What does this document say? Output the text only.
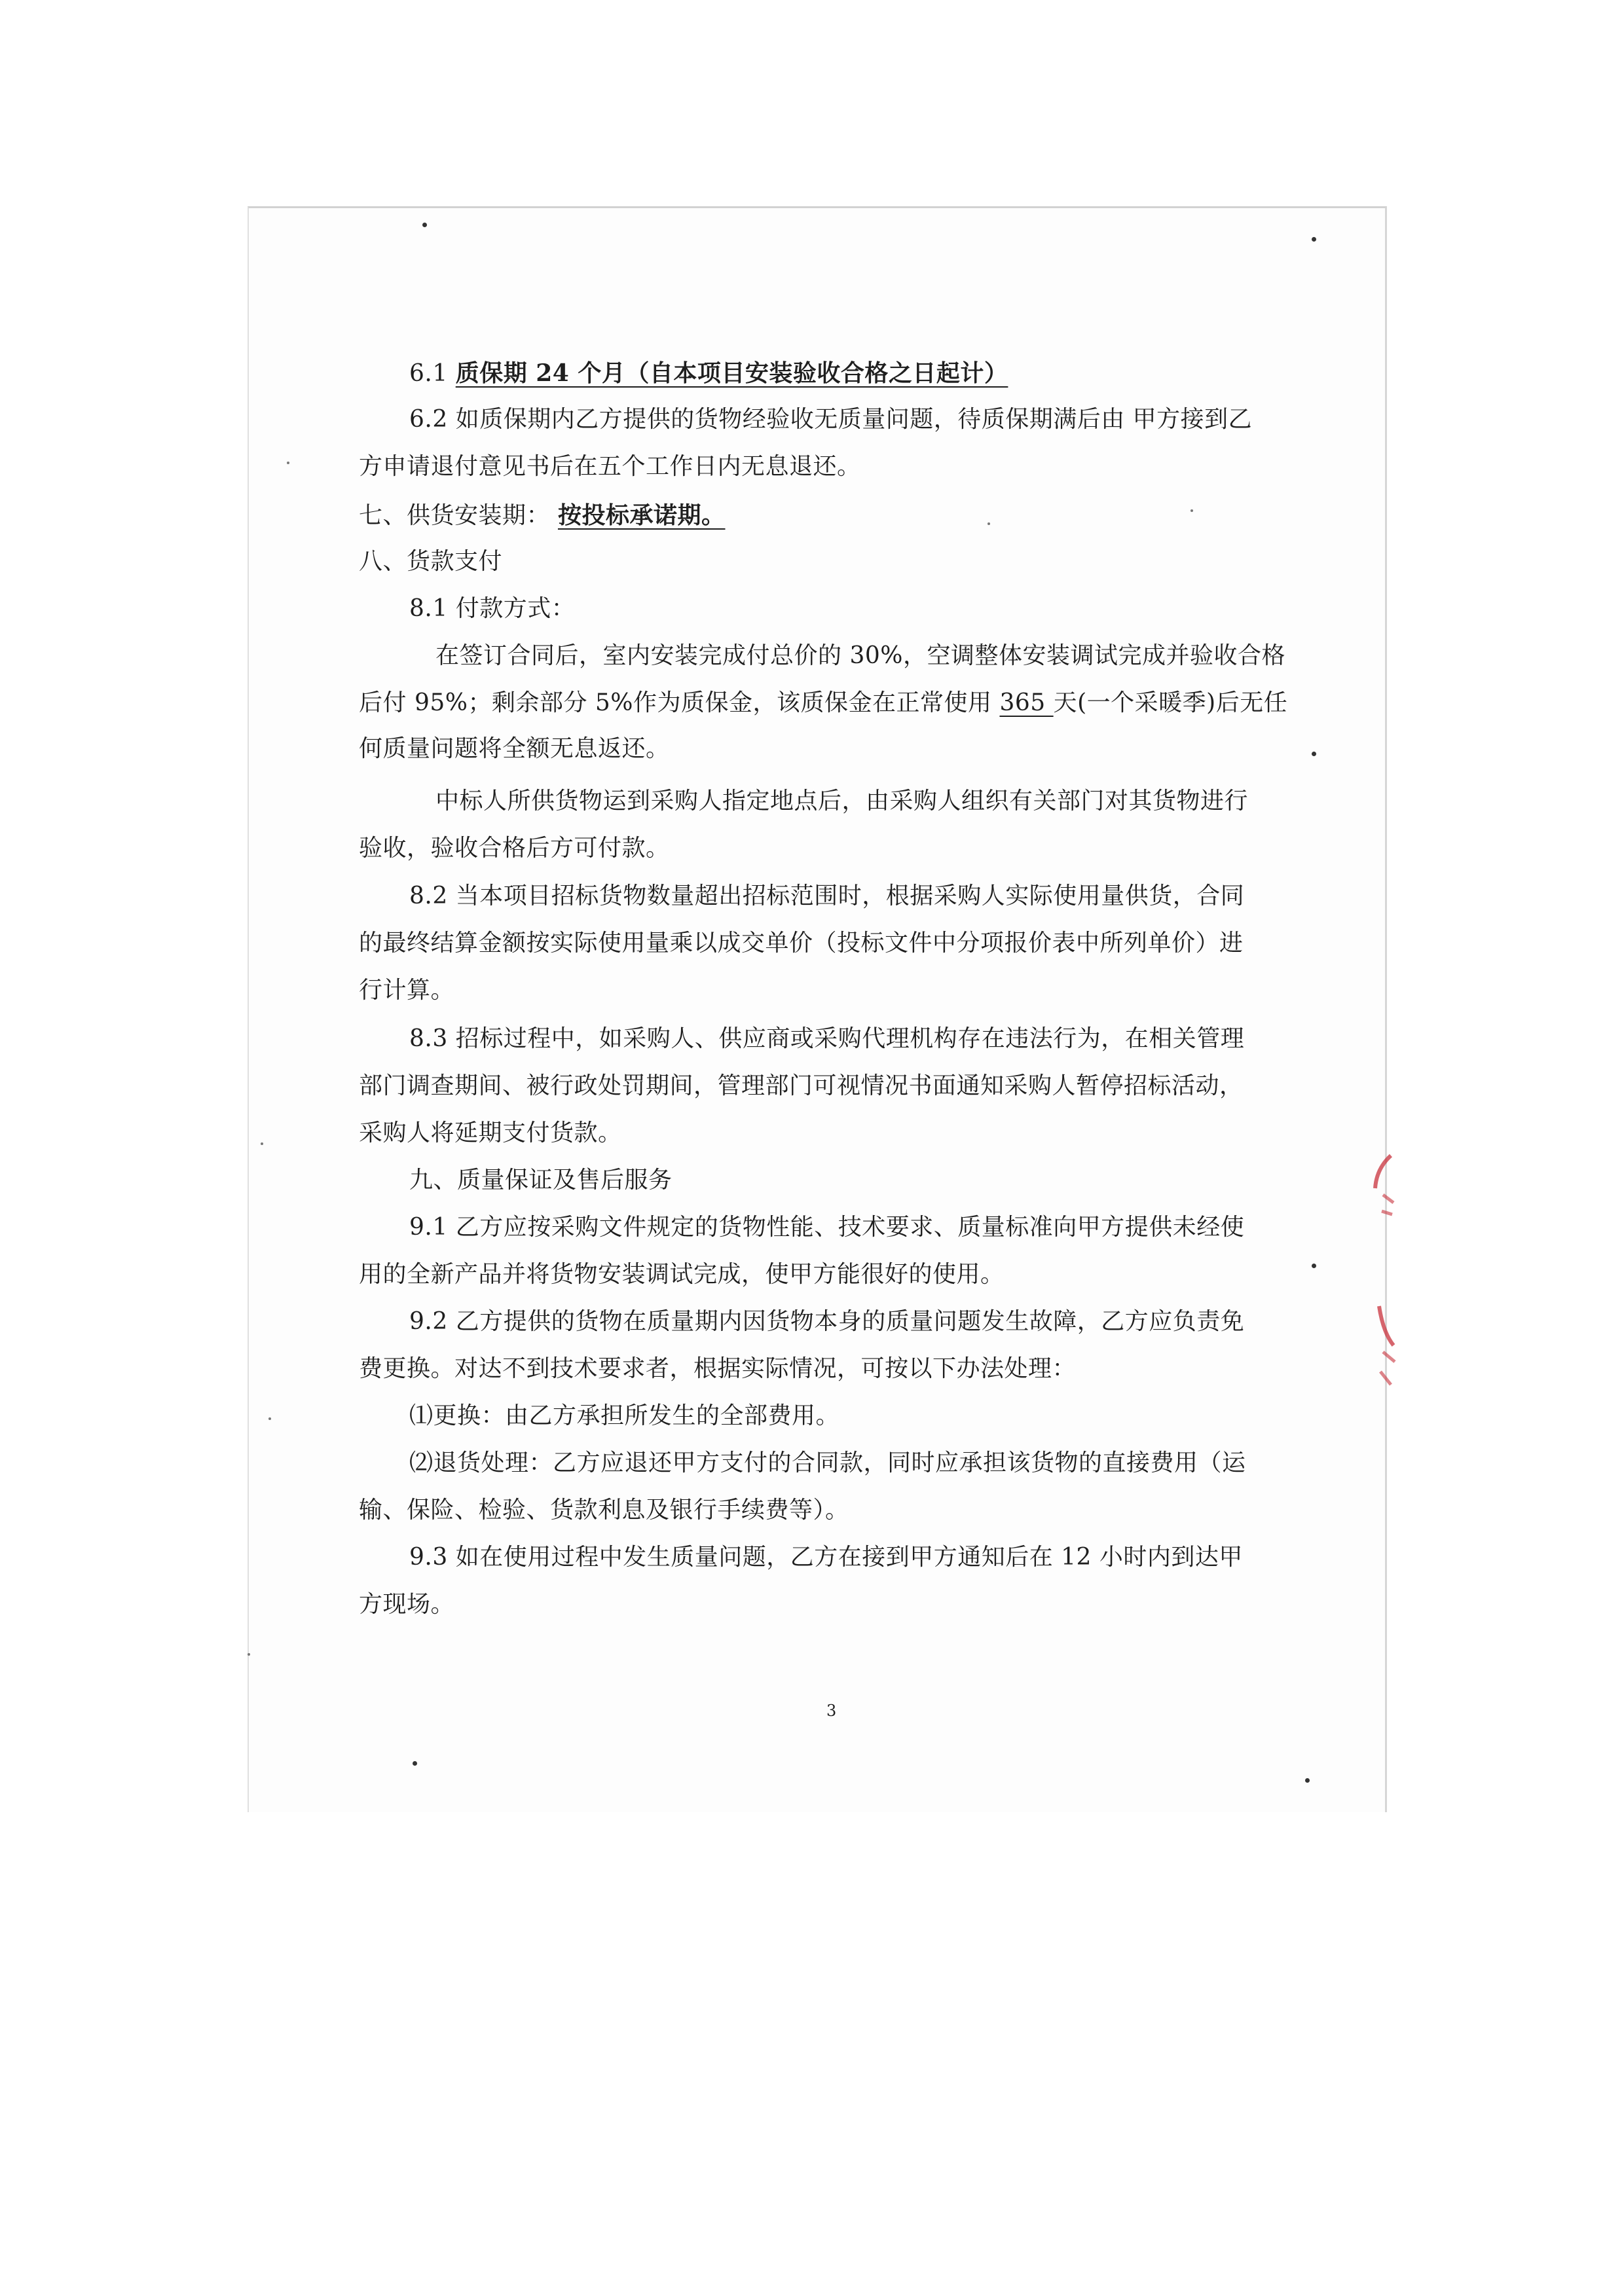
6.1 质保期 24 个月（自本项目安装验收合格之日起计）
6.2 如质保期内乙方提供的货物经验收无质量问题，待质保期满后由 甲方接到乙
方申请退付意见书后在五个工作日内无息退还。
七、供货安装期： 按投标承诺期。
八、货款支付
8.1 付款方式：
在签订合同后，室内安装完成付总价的 30%，空调整体安装调试完成并验收合格
后付 95%；剩余部分 5%作为质保金，该质保金在正常使用 365 天(一个采暖季)后无任
何质量问题将全额无息返还。
中标人所供货物运到采购人指定地点后，由采购人组织有关部门对其货物进行
验收，验收合格后方可付款。
8.2 当本项目招标货物数量超出招标范围时，根据采购人实际使用量供货，合同
的最终结算金额按实际使用量乘以成交单价（投标文件中分项报价表中所列单价）进
行计算。
8.3 招标过程中，如采购人、供应商或采购代理机构存在违法行为，在相关管理
部门调查期间、被行政处罚期间，管理部门可视情况书面通知采购人暂停招标活动，
采购人将延期支付货款。
九、质量保证及售后服务
9.1 乙方应按采购文件规定的货物性能、技术要求、质量标准向甲方提供未经使
用的全新产品并将货物安装调试完成，使甲方能很好的使用。
9.2 乙方提供的货物在质量期内因货物本身的质量问题发生故障，乙方应负责免
费更换。对达不到技术要求者，根据实际情况，可按以下办法处理：
⑴更换：由乙方承担所发生的全部费用。
⑵退货处理：乙方应退还甲方支付的合同款，同时应承担该货物的直接费用（运
输、保险、检验、货款利息及银行手续费等）。
9.3 如在使用过程中发生质量问题，乙方在接到甲方通知后在 12 小时内到达甲
方现场。
3
